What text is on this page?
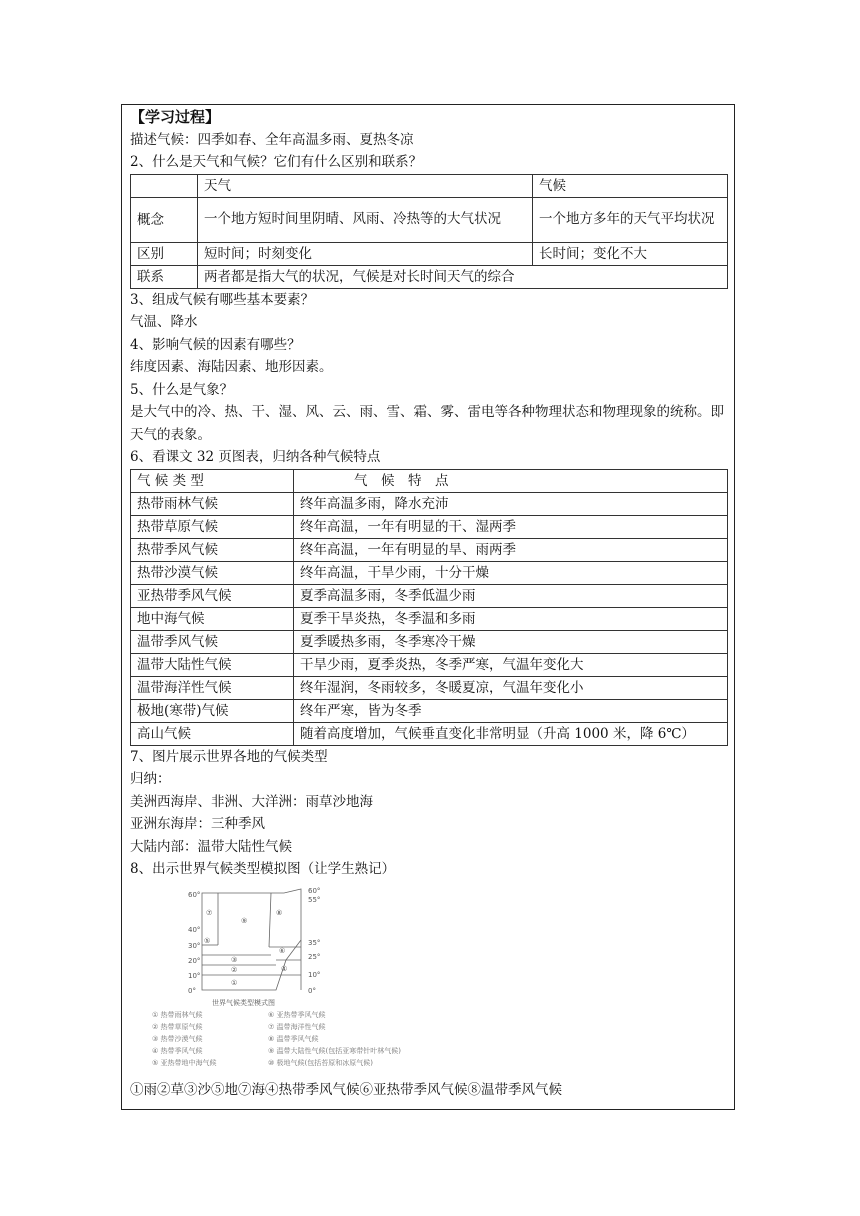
【学习过程】
描述气候：四季如春、全年高温多雨、夏热冬凉
2、什么是天气和气候？它们有什么区别和联系？
	天气	气候
概念	一个地方短时间里阴晴、风雨、冷热等的大气状况	一个地方多年的天气平均状况
区别	短时间；时刻变化	长时间；变化不大
联系	两者都是指大气的状况，气候是对长时间天气的综合	
3、组成气候有哪些基本要素？
气温、降水
4、影响气候的因素有哪些？
纬度因素、海陆因素、地形因素。
5、什么是气象？
是大气中的冷、热、干、湿、风、云、雨、雪、霜、雾、雷电等各种物理状态和物理现象的统称。即天气的表象。
6、看课文 32 页图表，归纳各种气候特点
气 候 类 型	气　候　特　点
热带雨林气候	终年高温多雨，降水充沛
热带草原气候	终年高温，一年有明显的干、湿两季
热带季风气候	终年高温，一年有明显的旱、雨两季
热带沙漠气候	终年高温，干旱少雨，十分干燥
亚热带季风气候	夏季高温多雨，冬季低温少雨
地中海气候	夏季干旱炎热，冬季温和多雨
温带季风气候	夏季暖热多雨，冬季寒冷干燥
温带大陆性气候	干旱少雨，夏季炎热，冬季严寒，气温年变化大
温带海洋性气候	终年湿润，冬雨较多，冬暖夏凉，气温年变化小
极地(寒带)气候	终年严寒，皆为冬季
高山气候	随着高度增加，气候垂直变化非常明显（升高 1000 米，降 6℃）
7、图片展示世界各地的气候类型
归纳：
美洲西海岸、非洲、大洋洲：雨草沙地海
亚洲东海岸：三种季风
大陆内部：温带大陆性气候
8、出示世界气候类型模拟图（让学生熟记）
60°
40°
30°
20°
10°
0°
⑦
⑤
⑨
⑧
⑥
③
②	④
①
60°
55°
35°
25°
10°
0°
世界气候类型模式图
① 热带雨林气候
② 热带草原气候
③ 热带沙漠气候
④ 热带季风气候
⑤ 亚热带地中海气候
⑥ 亚热带季风气候
⑦ 温带海洋性气候
⑧ 温带季风气候
⑨ 温带大陆性气候(包括亚寒带针叶林气候)
⑩ 极地气候(包括苔原和冰原气候)
①雨②草③沙⑤地⑦海④热带季风气候⑥亚热带季风气候⑧温带季风气候
